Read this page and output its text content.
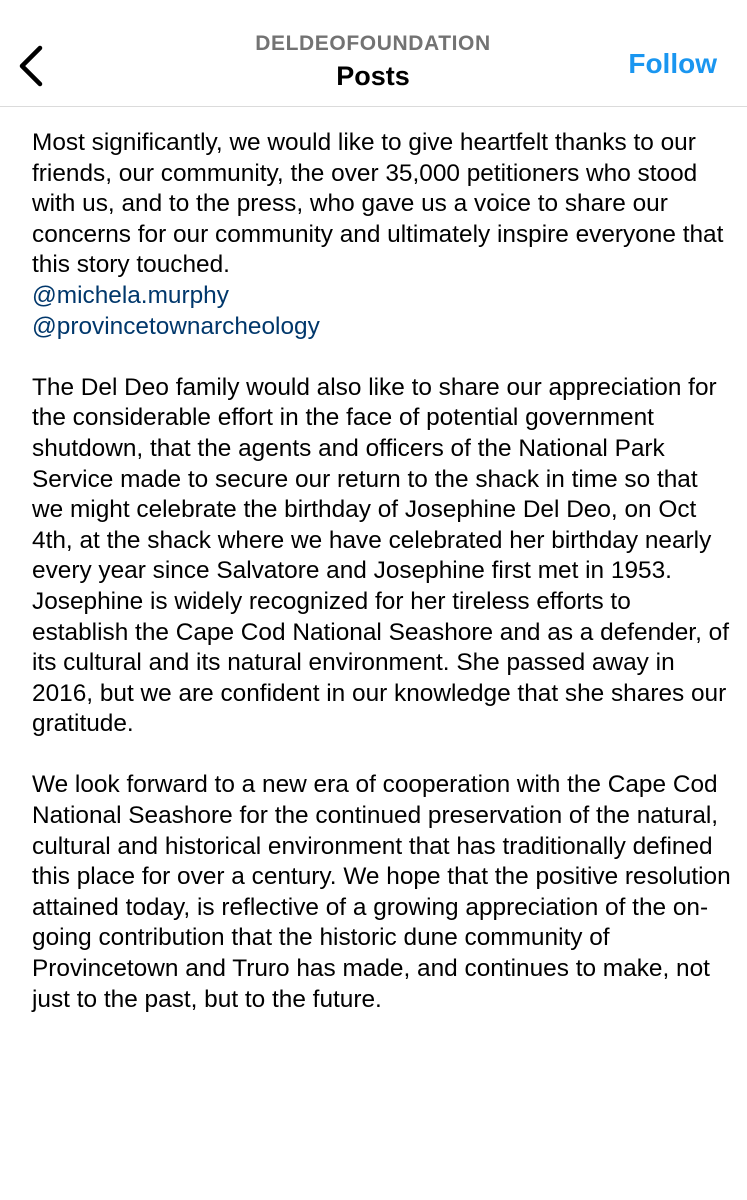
DELDEOFOUNDATION
Posts	Follow

Most significantly, we would like to give heartfelt thanks to our friends, our community, the over 35,000 petitioners who stood with us, and to the press, who gave us a voice to share our concerns for our community and ultimately inspire everyone that this story touched.

@michela.murphy
@provincetownarcheology

The Del Deo family would also like to share our appreciation for the considerable effort in the face of potential government shutdown, that the agents and officers of the National Park Service made to secure our return to the shack in time so that we might celebrate the birthday of Josephine Del Deo, on Oct 4th, at the shack where we have celebrated her birthday nearly every year since Salvatore and Josephine first met in 1953. Josephine is widely recognized for her tireless efforts to establish the Cape Cod National Seashore and as a defender, of its cultural and its natural environment. She passed away in 2016, but we are confident in our knowledge that she shares our gratitude.

We look forward to a new era of cooperation with the Cape Cod National Seashore for the continued preservation of the natural, cultural and historical environment that has traditionally defined this place for over a century. We hope that the positive resolution attained today, is reflective of a growing appreciation of the on-going contribution that the historic dune community of Provincetown and Truro has made, and continues to make, not just to the past, but to the future.
